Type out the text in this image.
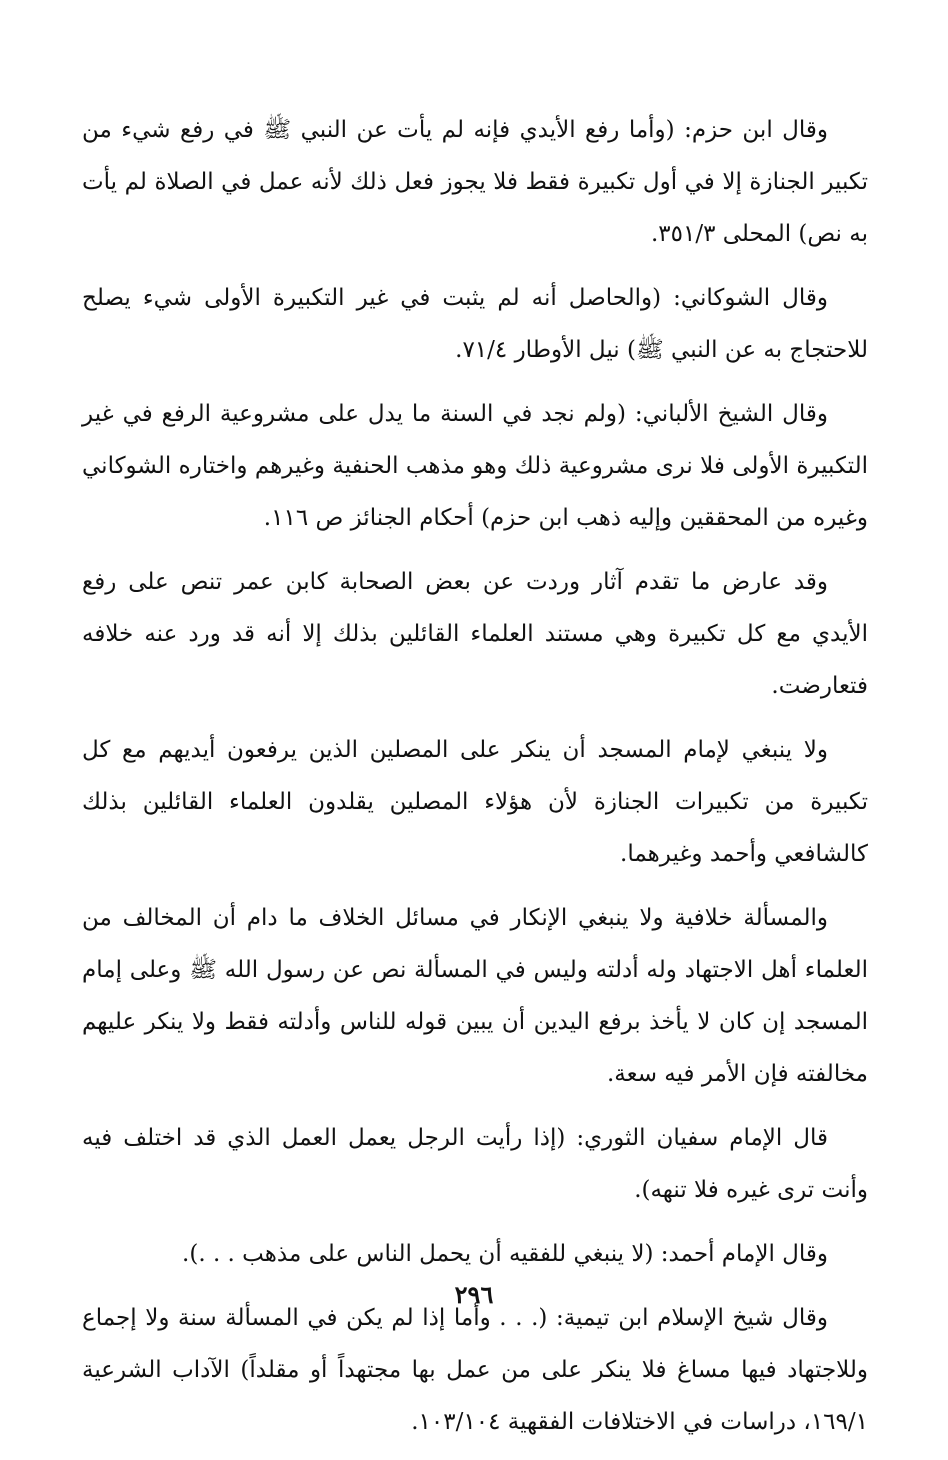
وقال ابن حزم: (وأما رفع الأيدي فإنه لم يأت عن النبي ﷺ في رفع شيء من تكبير الجنازة إلا في أول تكبيرة فقط فلا يجوز فعل ذلك لأنه عمل في الصلاة لم يأت به نص) المحلى ٣٥١/٣.

وقال الشوكاني: (والحاصل أنه لم يثبت في غير التكبيرة الأولى شيء يصلح للاحتجاج به عن النبي ﷺ) نيل الأوطار ٧١/٤.

وقال الشيخ الألباني: (ولم نجد في السنة ما يدل على مشروعية الرفع في غير التكبيرة الأولى فلا نرى مشروعية ذلك وهو مذهب الحنفية وغيرهم واختاره الشوكاني وغيره من المحققين وإليه ذهب ابن حزم) أحكام الجنائز ص ١١٦.

وقد عارض ما تقدم آثار وردت عن بعض الصحابة كابن عمر تنص على رفع الأيدي مع كل تكبيرة وهي مستند العلماء القائلين بذلك إلا أنه قد ورد عنه خلافه فتعارضت.

ولا ينبغي لإمام المسجد أن ينكر على المصلين الذين يرفعون أيديهم مع كل تكبيرة من تكبيرات الجنازة لأن هؤلاء المصلين يقلدون العلماء القائلين بذلك كالشافعي وأحمد وغيرهما.

والمسألة خلافية ولا ينبغي الإنكار في مسائل الخلاف ما دام أن المخالف من العلماء أهل الاجتهاد وله أدلته وليس في المسألة نص عن رسول الله ﷺ وعلى إمام المسجد إن كان لا يأخذ برفع اليدين أن يبين قوله للناس وأدلته فقط ولا ينكر عليهم مخالفته فإن الأمر فيه سعة.

قال الإمام سفيان الثوري: (إذا رأيت الرجل يعمل العمل الذي قد اختلف فيه وأنت ترى غيره فلا تنهه).

وقال الإمام أحمد: (لا ينبغي للفقيه أن يحمل الناس على مذهب . . .).

وقال شيخ الإسلام ابن تيمية: (. . . وأما إذا لم يكن في المسألة سنة ولا إجماع وللاجتهاد فيها مساغ فلا ينكر على من عمل بها مجتهداً أو مقلداً) الآداب الشرعية ١٦٩/١، دراسات في الاختلافات الفقهية ١٠٣/١٠٤.

٢٩٦
